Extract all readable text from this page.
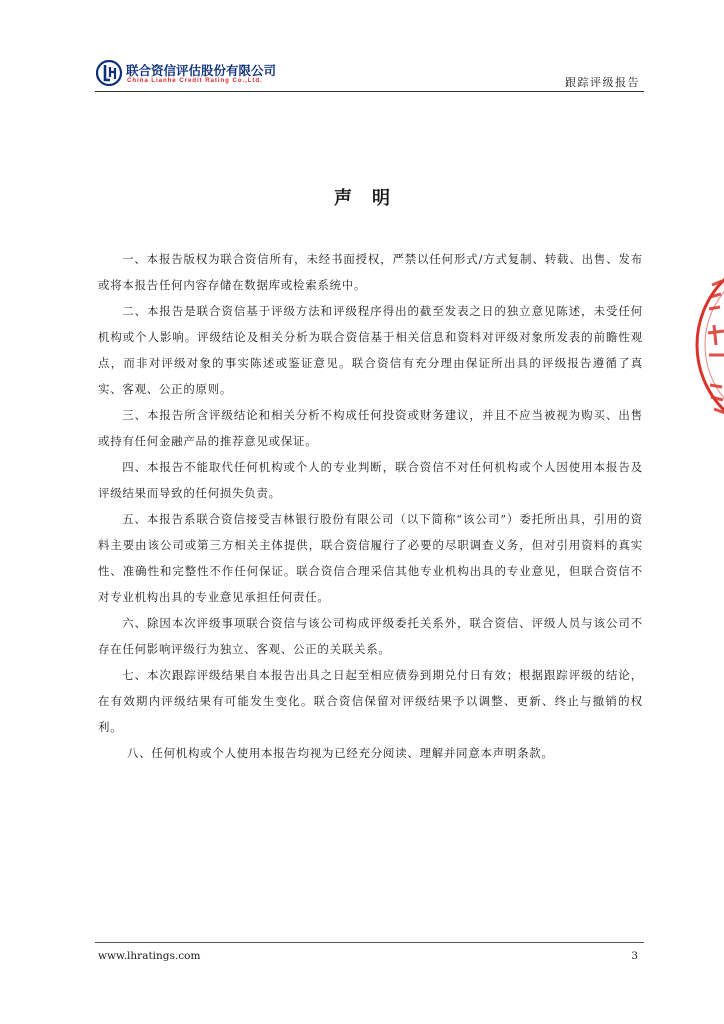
联合资信评估股份有限公司
China Lianhe Credit Rating Co.,Ltd.	跟踪评级报告
声明

一、本报告版权为联合资信所有，未经书面授权，严禁以任何形式/方式复制、转载、出售、发布或将本报告任何内容存储在数据库或检索系统中。

二、本报告是联合资信基于评级方法和评级程序得出的截至发表之日的独立意见陈述，未受任何机构或个人影响。评级结论及相关分析为联合资信基于相关信息和资料对评级对象所发表的前瞻性观点，而非对评级对象的事实陈述或鉴证意见。联合资信有充分理由保证所出具的评级报告遵循了真实、客观、公正的原则。

三、本报告所含评级结论和相关分析不构成任何投资或财务建议，并且不应当被视为购买、出售或持有任何金融产品的推荐意见或保证。

四、本报告不能取代任何机构或个人的专业判断，联合资信不对任何机构或个人因使用本报告及评级结果而导致的任何损失负责。

五、本报告系联合资信接受吉林银行股份有限公司（以下简称“该公司”）委托所出具，引用的资料主要由该公司或第三方相关主体提供，联合资信履行了必要的尽职调查义务，但对引用资料的真实性、准确性和完整性不作任何保证。联合资信合理采信其他专业机构出具的专业意见，但联合资信不对专业机构出具的专业意见承担任何责任。

六、除因本次评级事项联合资信与该公司构成评级委托关系外，联合资信、评级人员与该公司不存在任何影响评级行为独立、客观、公正的关联关系。

七、本次跟踪评级结果自本报告出具之日起至相应债券到期兑付日有效；根据跟踪评级的结论，在有效期内评级结果有可能发生变化。联合资信保留对评级结果予以调整、更新、终止与撤销的权利。

八、任何机构或个人使用本报告均视为已经充分阅读、理解并同意本声明条款。

www.lhratings.com	3
